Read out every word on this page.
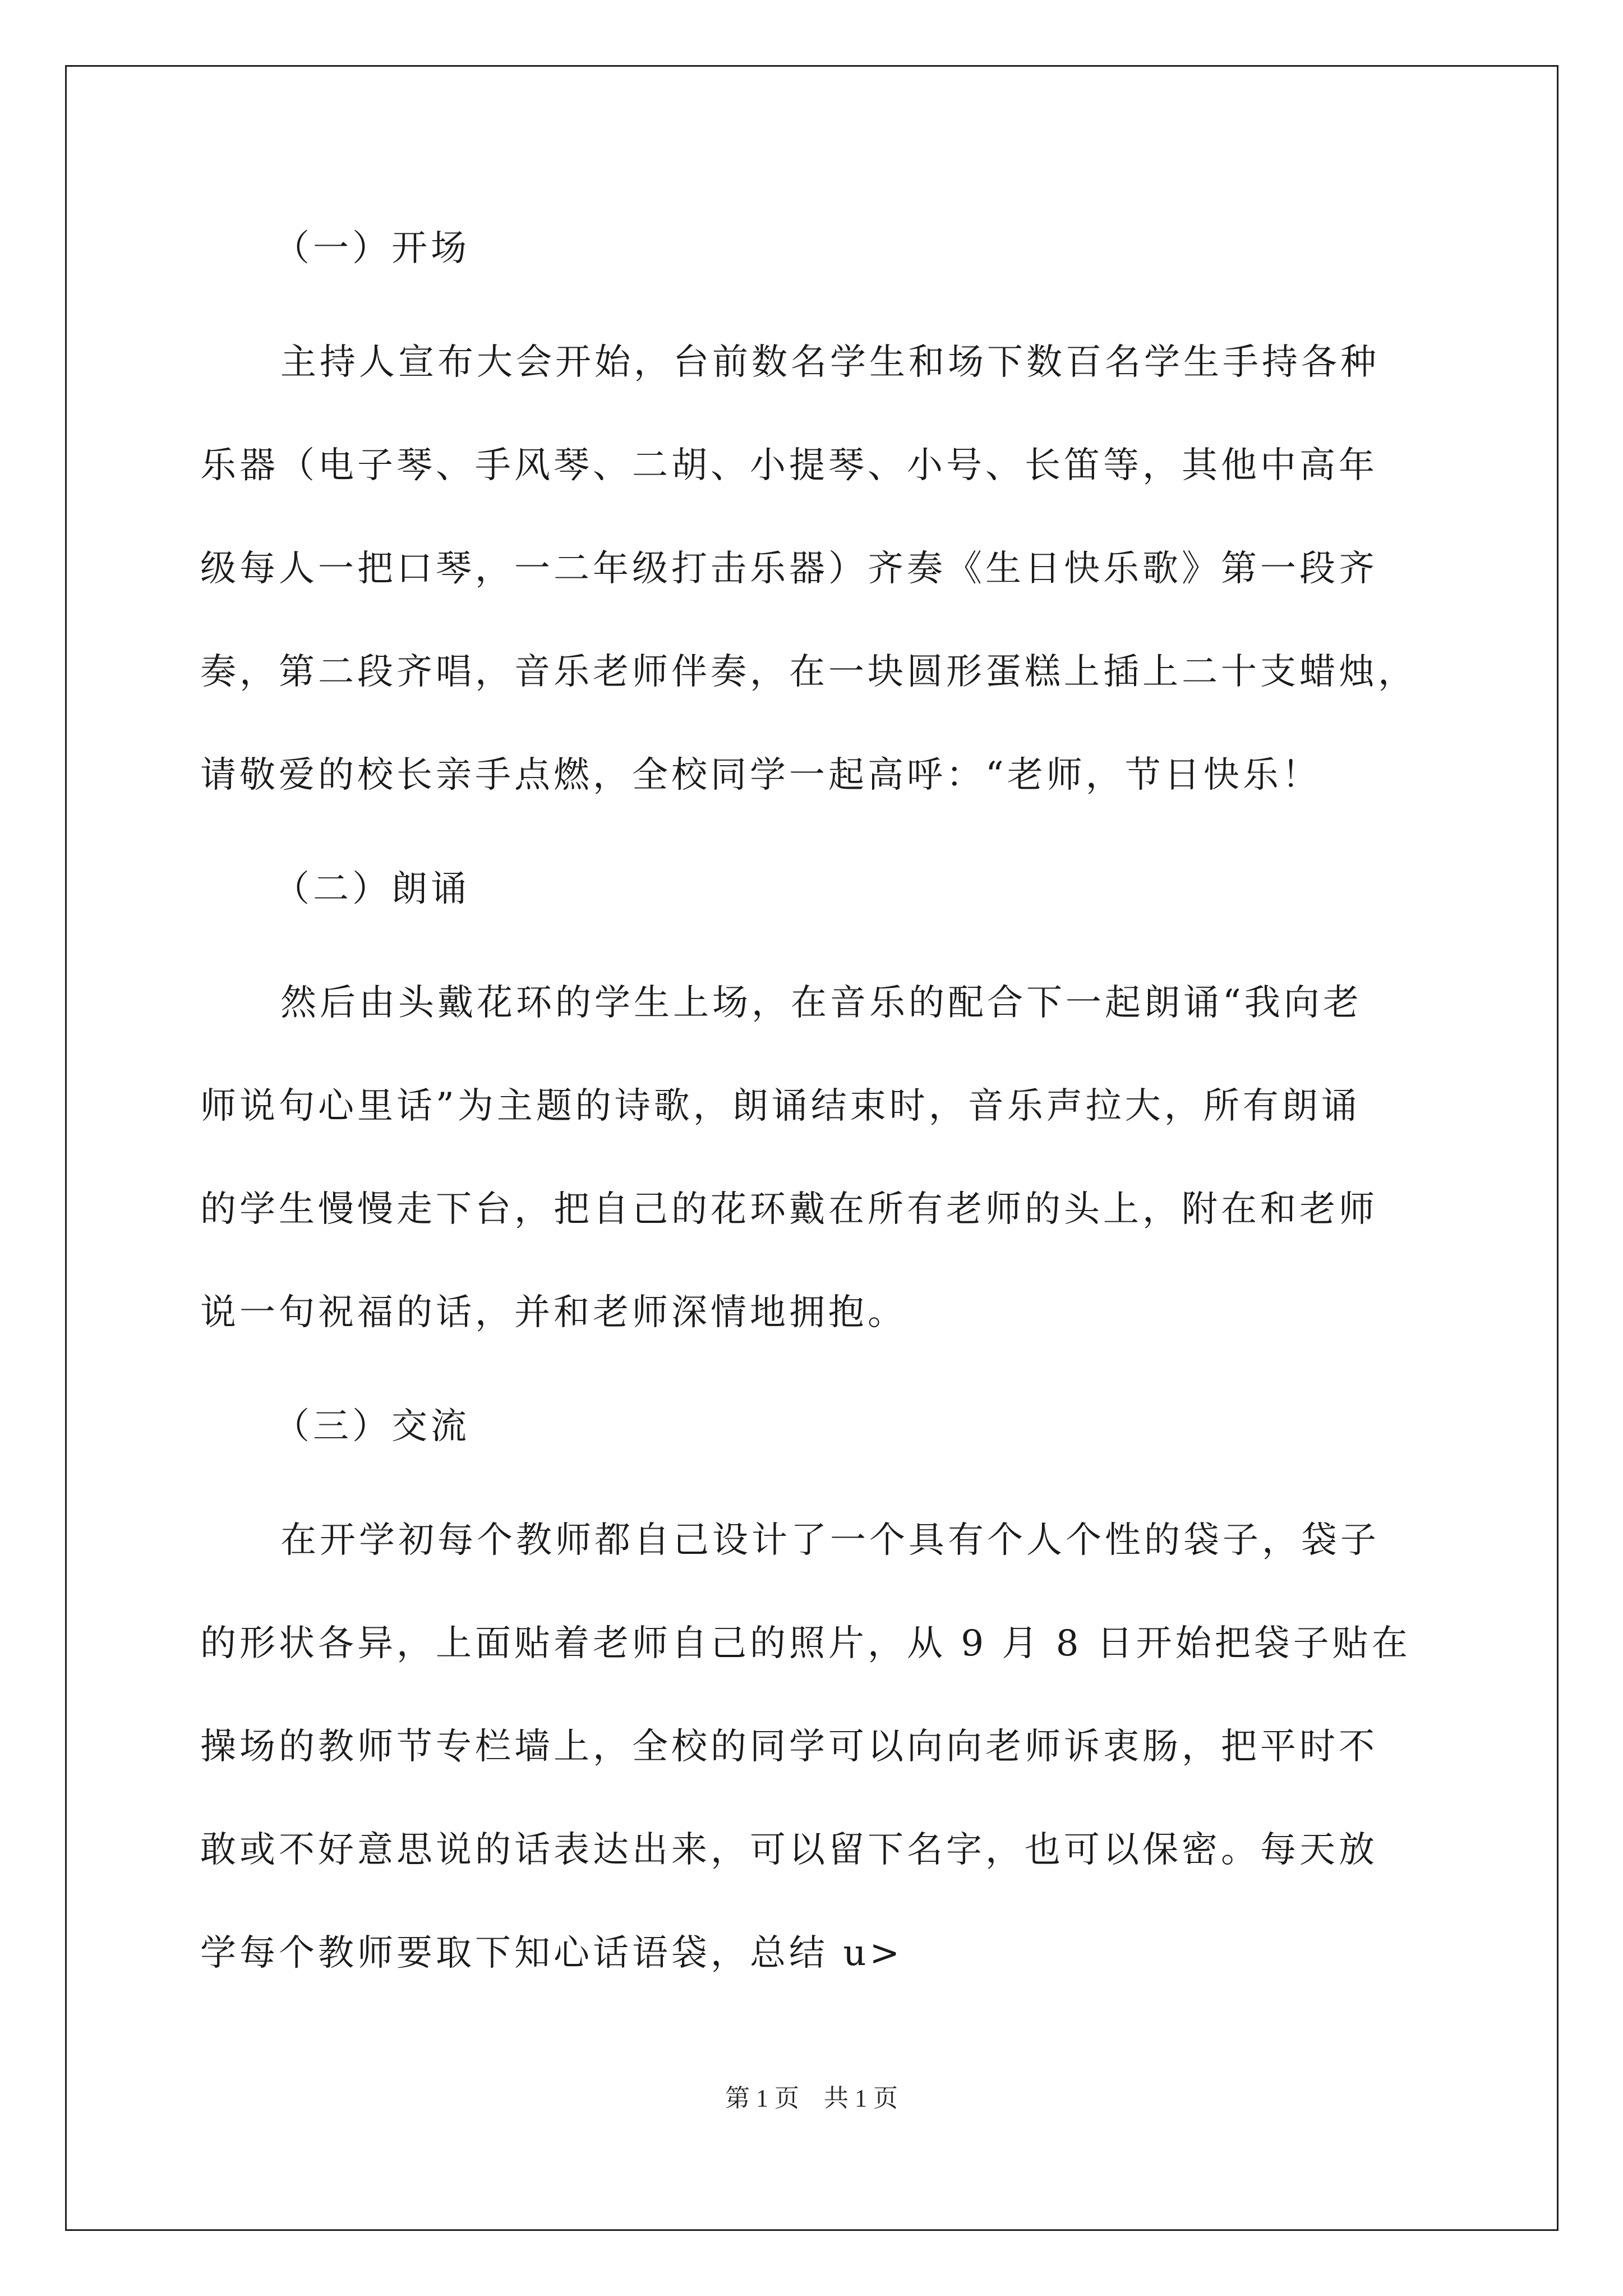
（一）开场
主持人宣布大会开始，台前数名学生和场下数百名学生手持各种
乐器（电子琴、手风琴、二胡、小提琴、小号、长笛等，其他中高年
级每人一把口琴，一二年级打击乐器）齐奏《生日快乐歌》第一段齐
奏，第二段齐唱，音乐老师伴奏，在一块圆形蛋糕上插上二十支蜡烛，
请敬爱的校长亲手点燃，全校同学一起高呼：“老师，节日快乐！
（二）朗诵
然后由头戴花环的学生上场，在音乐的配合下一起朗诵“我向老
师说句心里话”为主题的诗歌，朗诵结束时，音乐声拉大，所有朗诵
的学生慢慢走下台，把自己的花环戴在所有老师的头上，附在和老师
说一句祝福的话，并和老师深情地拥抱。
（三）交流
在开学初每个教师都自己设计了一个具有个人个性的袋子，袋子
的形状各异，上面贴着老师自己的照片，从 9 月 8 日开始把袋子贴在
操场的教师节专栏墙上，全校的同学可以向向老师诉衷肠，把平时不
敢或不好意思说的话表达出来，可以留下名字，也可以保密。每天放
学每个教师要取下知心话语袋，总结 u>
第 1 页　共 1 页
